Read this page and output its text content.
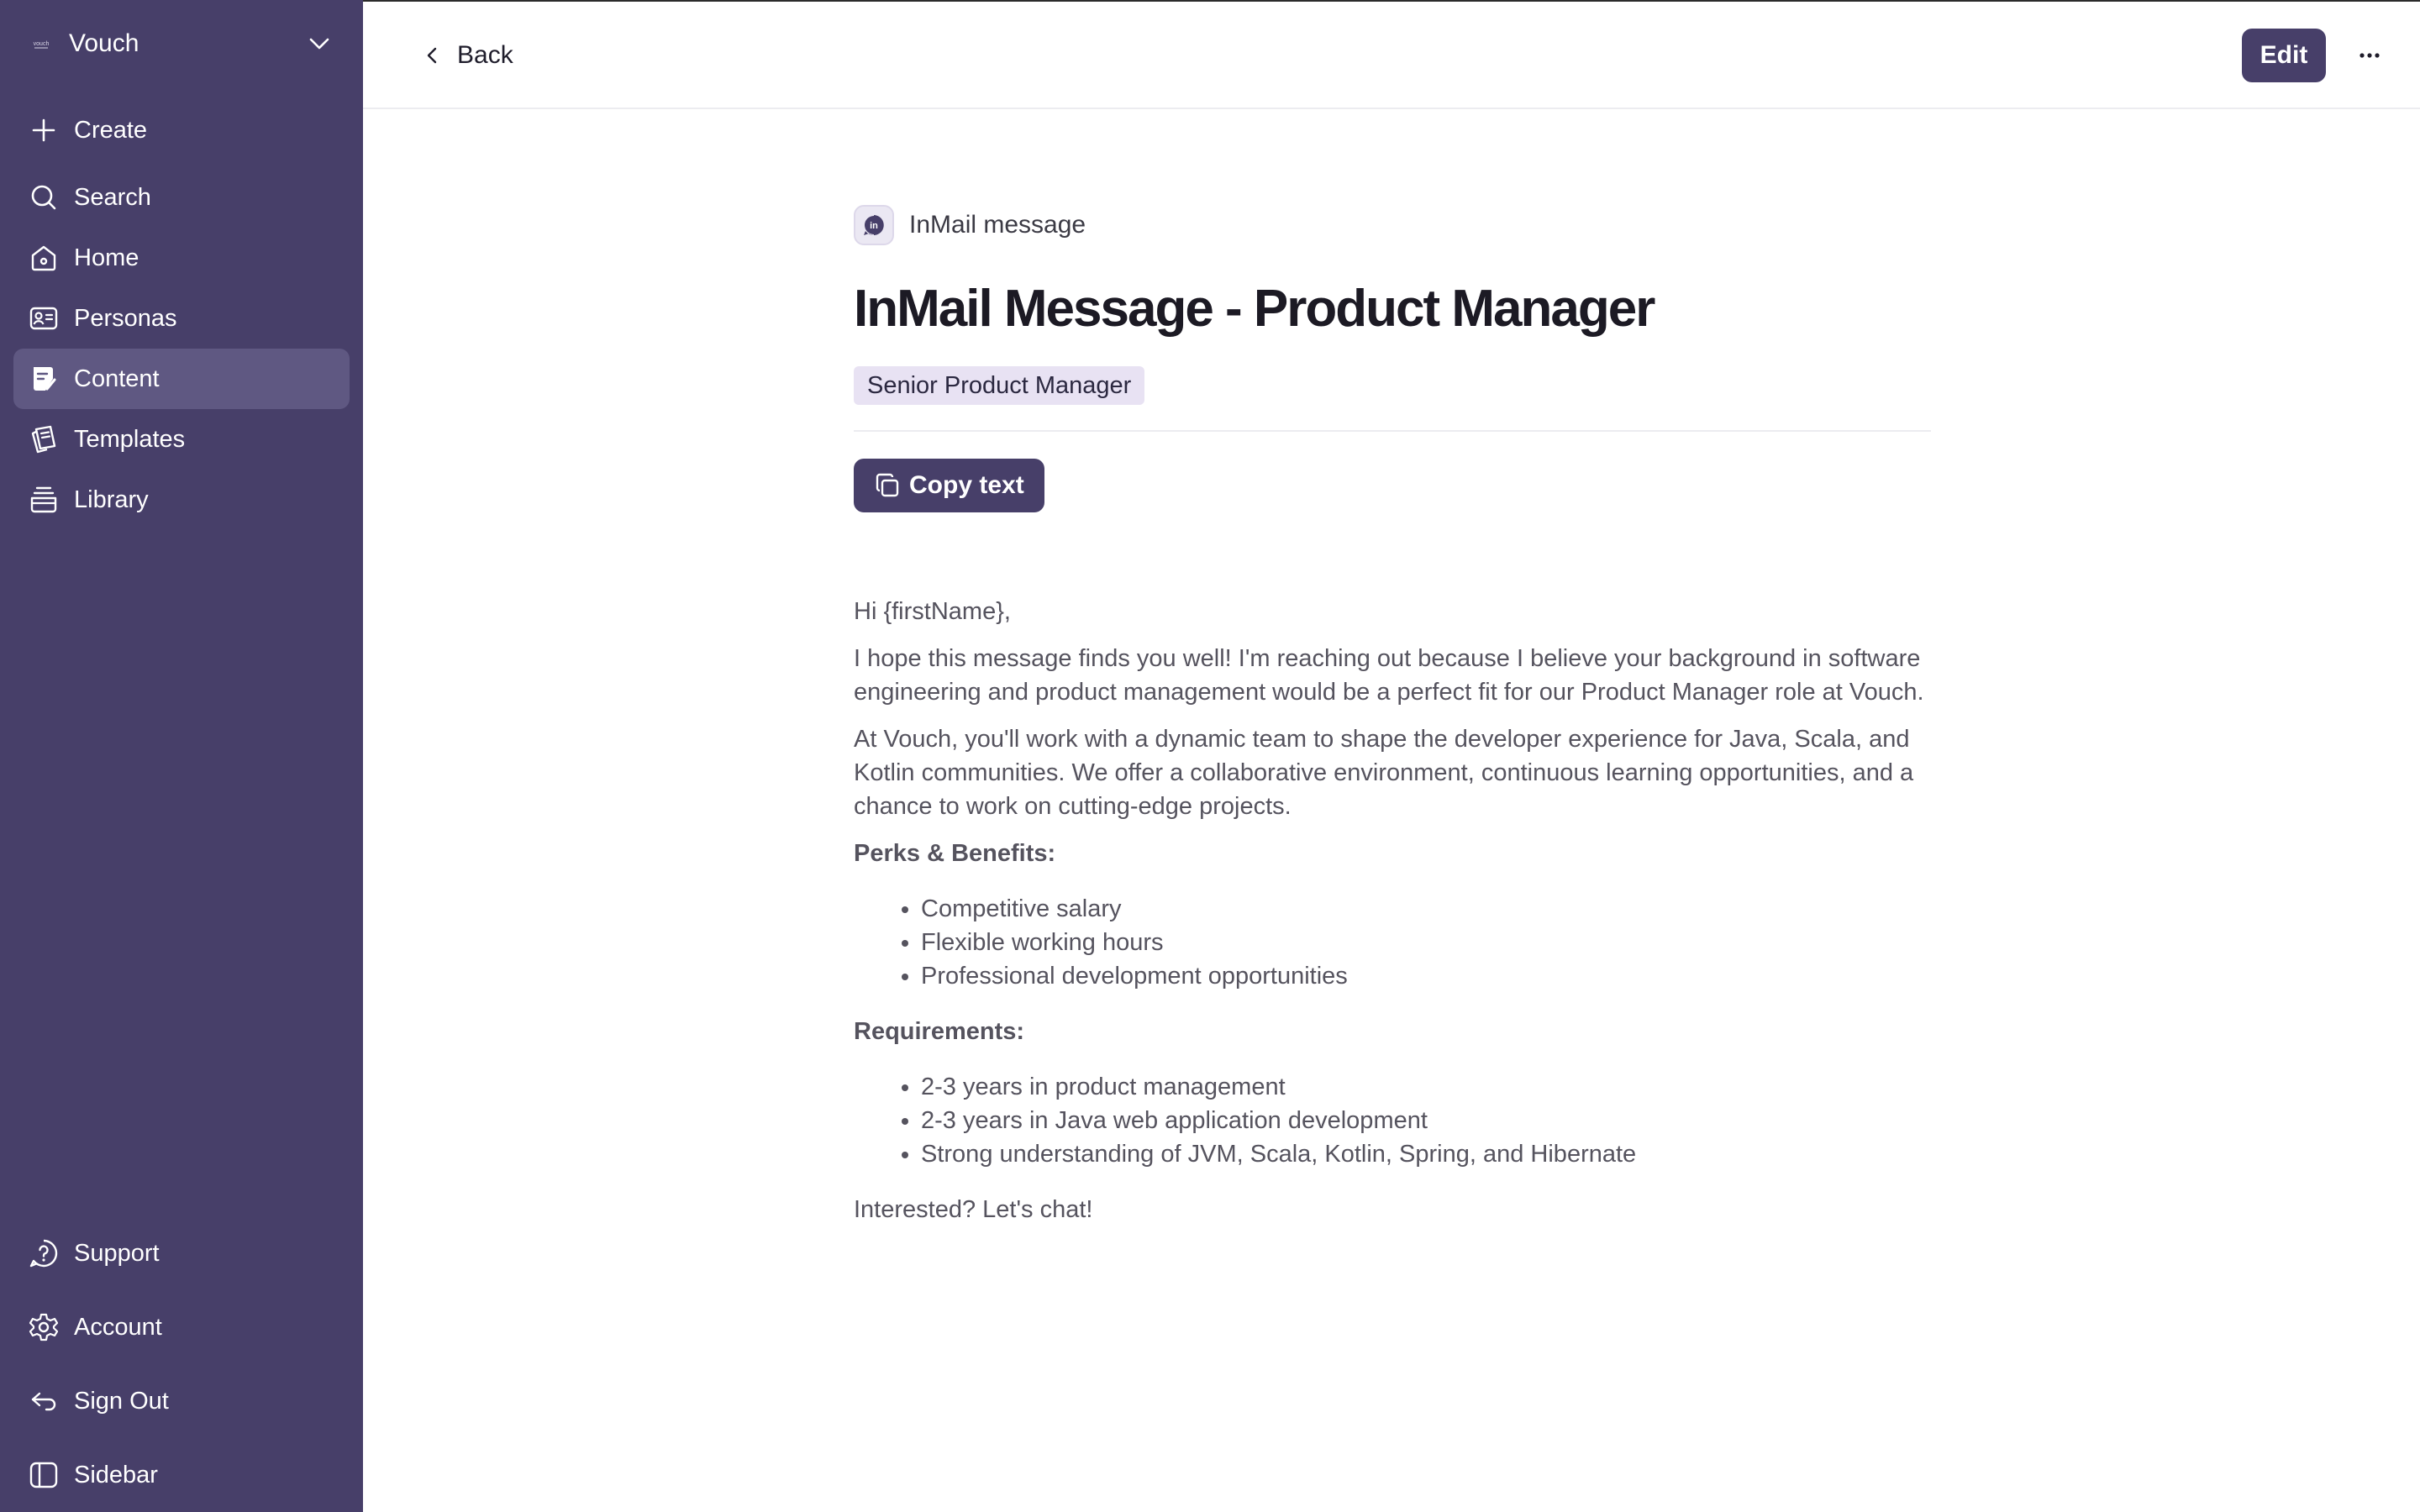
vouch Vouch
Create
Search
Home
Personas
Content
Templates
Library
Support
Account
Sign Out
Sidebar
Back	Edit
in InMail message
InMail Message - Product Manager
Senior Product Manager
Copy text

Hi {firstName},

I hope this message finds you well! I'm reaching out because I believe your background in software engineering and product management would be a perfect fit for our Product Manager role at Vouch.

At Vouch, you'll work with a dynamic team to shape the developer experience for Java, Scala, and Kotlin communities. We offer a collaborative environment, continuous learning opportunities, and a chance to work on cutting-edge projects.

Perks & Benefits:

• Competitive salary
• Flexible working hours
• Professional development opportunities

Requirements:

• 2-3 years in product management
• 2-3 years in Java web application development
• Strong understanding of JVM, Scala, Kotlin, Spring, and Hibernate

Interested? Let's chat!
